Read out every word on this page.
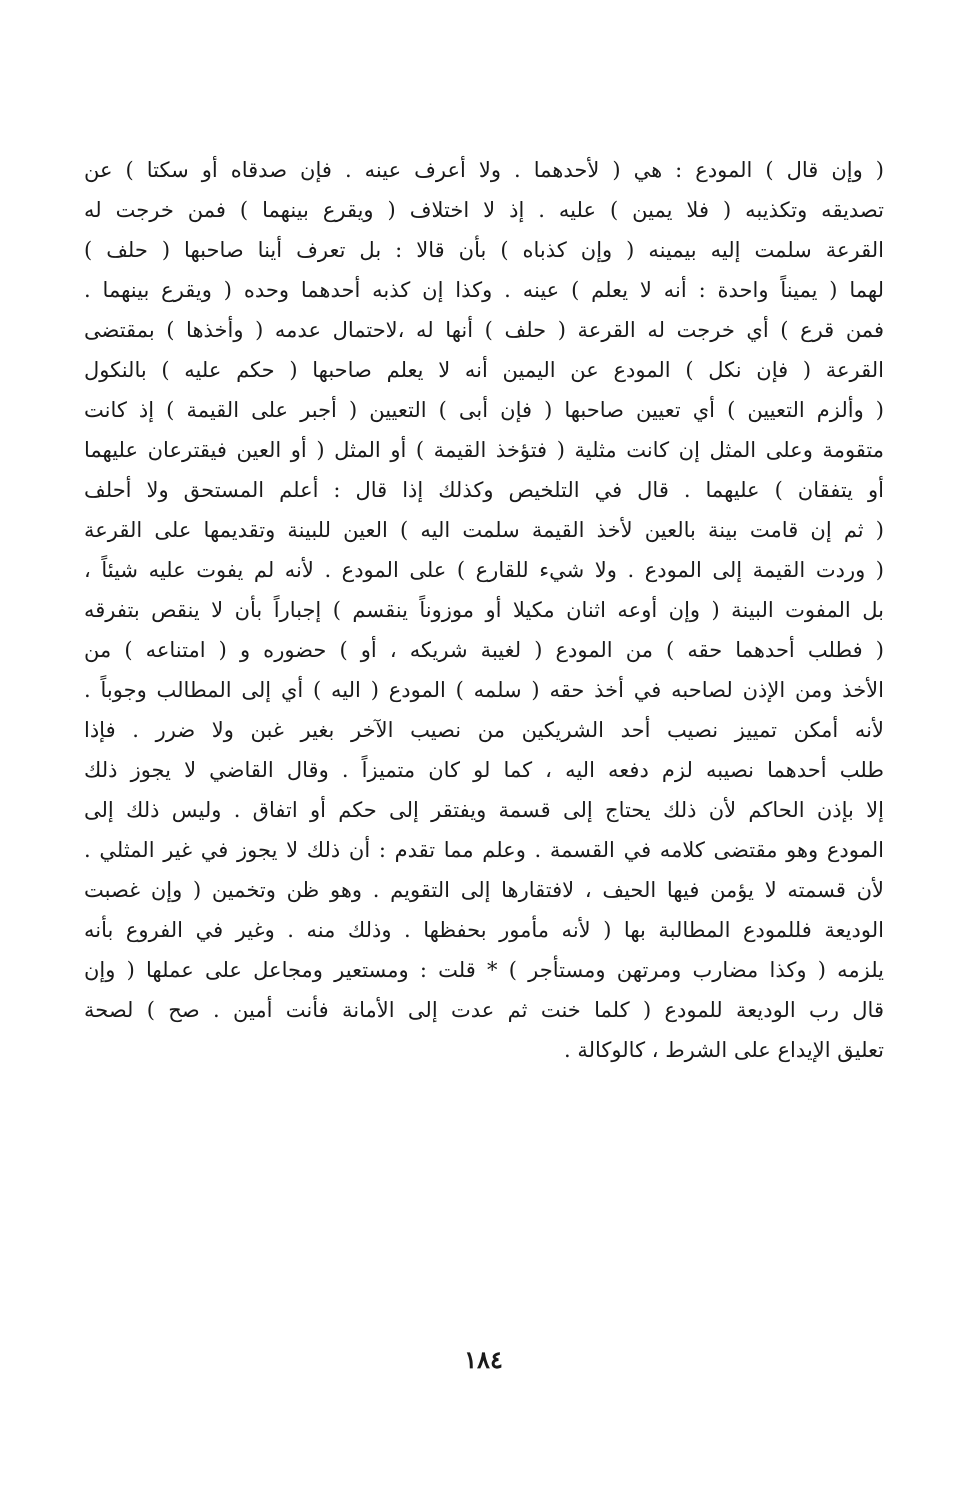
( وإن قال ) المودع : هي ( لأحدهما . ولا أعرف عينه . فإن صدقاه أو سكتا ) عن
تصديقه وتكذيبه ( فلا يمين ) عليه . إذ لا اختلاف ( ويقرع بينهما ) فمن خرجت له
القرعة سلمت إليه بيمينه ( وإن كذباه ) بأن قالا : بل تعرف أينا صاحبها ( حلف )
لهما ( يميناً واحدة : أنه لا يعلم ) عينه . وكذا إن كذبه أحدهما وحده ( ويقرع بينهما .
فمن قرع ) أي خرجت له القرعة ( حلف ) أنها له ،لاحتمال عدمه ( وأخذها ) بمقتضى
القرعة ( فإن نكل ) المودع عن اليمين أنه لا يعلم صاحبها ( حكم عليه ) بالنكول
( وألزم التعيين ) أي تعيين صاحبها ( فإن أبى ) التعيين ( أجبر على القيمة ) إذ كانت
متقومة وعلى المثل إن كانت مثلية ( فتؤخذ القيمة ) أو المثل ( أو العين فيقترعان عليهما
أو يتفقان ) عليهما . قال في التلخيص وكذلك إذا قال : أعلم المستحق ولا أحلف
( ثم إن قامت بينة بالعين لأخذ القيمة سلمت اليه ) العين للبينة وتقديمها على القرعة
( وردت القيمة إلى المودع . ولا شيء للقارع ) على المودع . لأنه لم يفوت عليه شيئاً ،
بل المفوت البينة ( وإن أوعه اثنان مكيلا أو موزوناً ينقسم ) إجباراً بأن لا ينقص بتفرقه
( فطلب أحدهما حقه ) من المودع ( لغيبة شريكه ، أو ) حضوره و ( امتناعه ) من
الأخذ ومن الإذن لصاحبه في أخذ حقه ( سلمه ) المودع ( اليه ) أي إلى المطالب وجوباً .
لأنه أمكن تمييز نصيب أحد الشريكين من نصيب الآخر بغير غبن ولا ضرر . فإذا
طلب أحدهما نصيبه لزم دفعه اليه ، كما لو كان متميزاً . وقال القاضي لا يجوز ذلك
إلا بإذن الحاكم لأن ذلك يحتاج إلى قسمة ويفتقر إلى حكم أو اتفاق . وليس ذلك إلى
المودع وهو مقتضى كلامه في القسمة . وعلم مما تقدم : أن ذلك لا يجوز في غير المثلي .
لأن قسمته لا يؤمن فيها الحيف ، لافتقارها إلى التقويم . وهو ظن وتخمين ( وإن غصبت
الوديعة فللمودع المطالبة بها ( لأنه مأمور بحفظها . وذلك منه . وغير في الفروع بأنه
يلزمه ( وكذا مضارب ومرتهن ومستأجر ) * قلت : ومستعير ومجاعل على عملها ( وإن
قال رب الوديعة للمودع ( كلما خنت ثم عدت إلى الأمانة فأنت أمين . صح ) لصحة
تعليق الإيداع على الشرط ، كالوكالة .
١٨٤
